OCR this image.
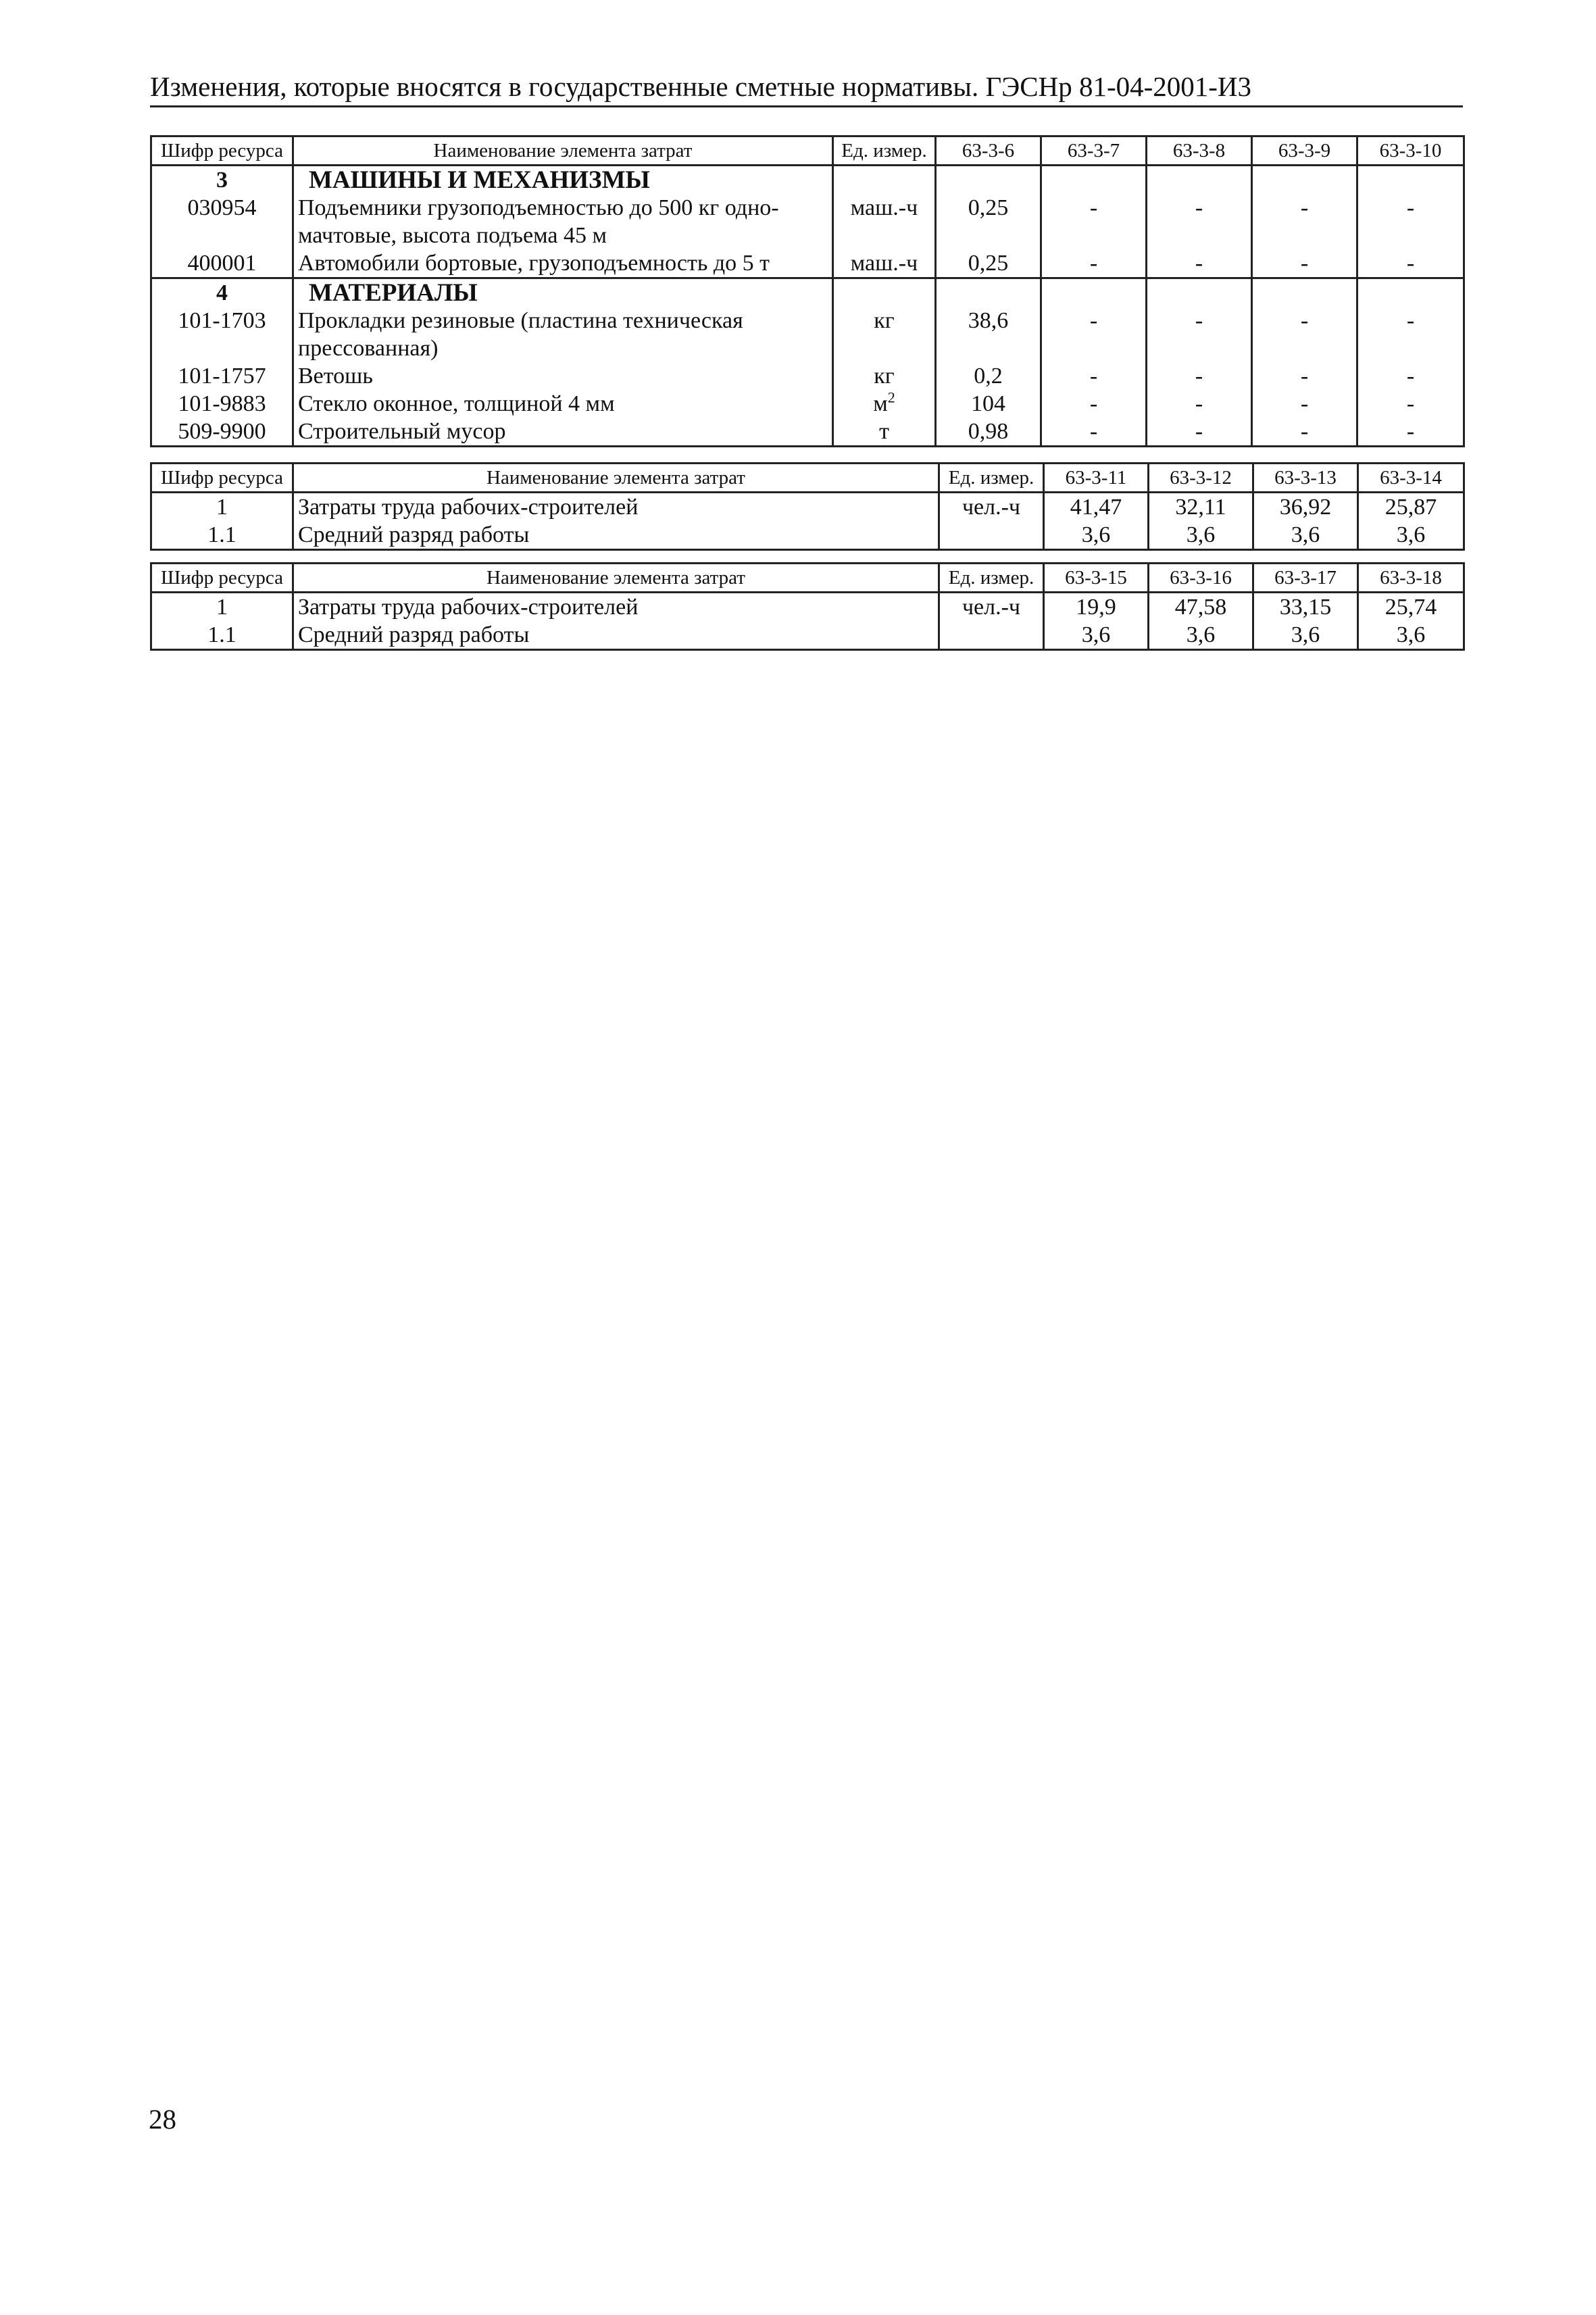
Изменения, которые вносятся в государственные сметные нормативы. ГЭСНр 81-04-2001-И3
Шифр ресурса	Наименование элемента затрат	Ед. измер.	63-3-6	63-3-7	63-3-8	63-3-9	63-3-10
3	МАШИНЫ И МЕХАНИЗМЫ						
030954	Подъемники грузоподъемностью до 500 кг одно-мачтовые, высота подъема 45 м	маш.-ч	0,25	-	-	-	-
400001	Автомобили бортовые, грузоподъемность до 5 т	маш.-ч	0,25	-	-	-	-
4	МАТЕРИАЛЫ						
101-1703	Прокладки резиновые (пластина техническая прессованная)	кг	38,6	-	-	-	-
101-1757	Ветошь	кг	0,2	-	-	-	-
101-9883	Стекло оконное, толщиной 4 мм	$м^2$	104	-	-	-	-
509-9900	Строительный мусор	т	0,98	-	-	-	-
Шифр ресурса	Наименование элемента затрат	Ед. измер.	63-3-11	63-3-12	63-3-13	63-3-14
1	Затраты труда рабочих-строителей	чел.-ч	41,47	32,11	36,92	25,87
1.1	Средний разряд работы		3,6	3,6	3,6	3,6
Шифр ресурса	Наименование элемента затрат	Ед. измер.	63-3-15	63-3-16	63-3-17	63-3-18
1	Затраты труда рабочих-строителей	чел.-ч	19,9	47,58	33,15	25,74
1.1	Средний разряд работы		3,6	3,6	3,6	3,6
28
